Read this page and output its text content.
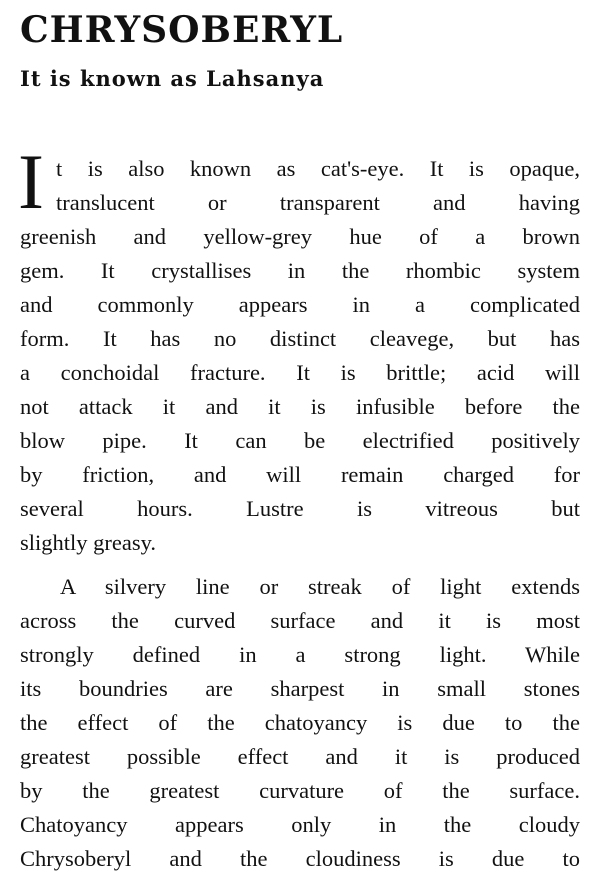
CHRYSOBERYL
It is known as Lahsanya
I t is also known as cat's-eye. It is opaque,

translucent or transparent and having

greenish and yellow-grey hue of a brown

gem. It crystallises in the rhombic system

and commonly appears in a complicated

form. It has no distinct cleavege, but has

a conchoidal fracture. It is brittle; acid will

not attack it and it is infusible before the

blow pipe. It can be electrified positively

by friction, and will remain charged for

several hours. Lustre is vitreous but

slightly greasy.

A silvery line or streak of light extends

across the curved surface and it is most

strongly defined in a strong light. While

its boundries are sharpest in small stones

the effect of the chatoyancy is due to the

greatest possible effect and it is produced

by the greatest curvature of the surface.

Chatoyancy appears only in the cloudy

Chrysoberyl and the cloudiness is due to
